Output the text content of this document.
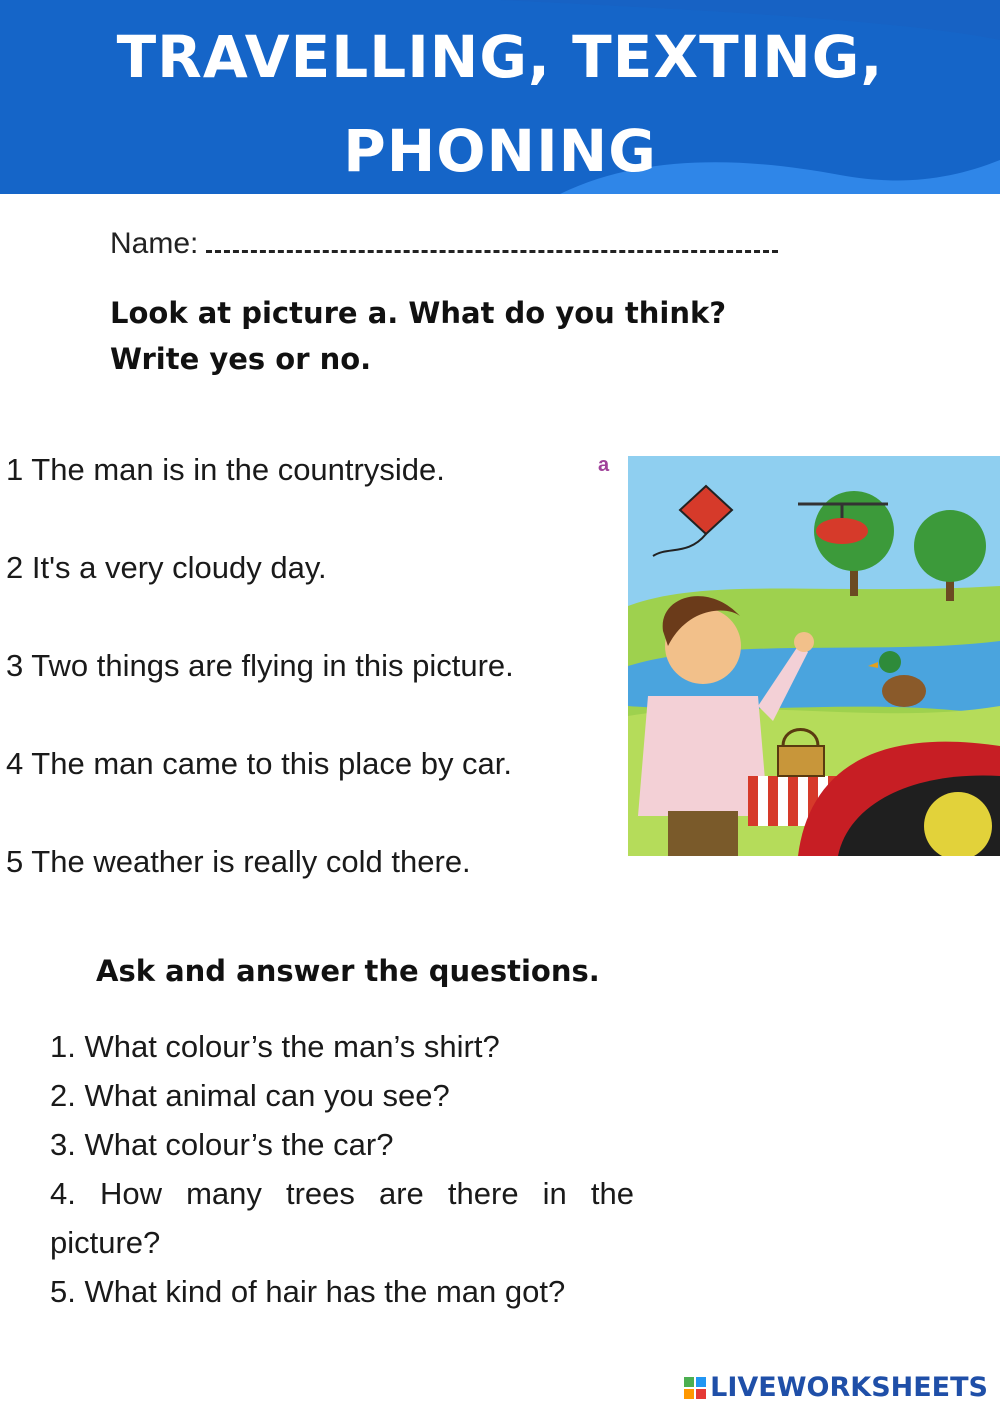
TRAVELLING, TEXTING,
PHONING
Name:
Look at picture a. What do you think?
Write yes or no.
1 The man is in the countryside.
2 It's a very cloudy day.
3 Two things are flying in this picture.
4 The man came to this place by car.
5 The weather is really cold there.
a
Ask and answer the questions.
1. What colour’s the man’s shirt?
2. What animal can you see?
3. What colour’s the car?
4. How many trees are there in the picture?
5. What kind of hair has the man got?
LIVEWORKSHEETS
